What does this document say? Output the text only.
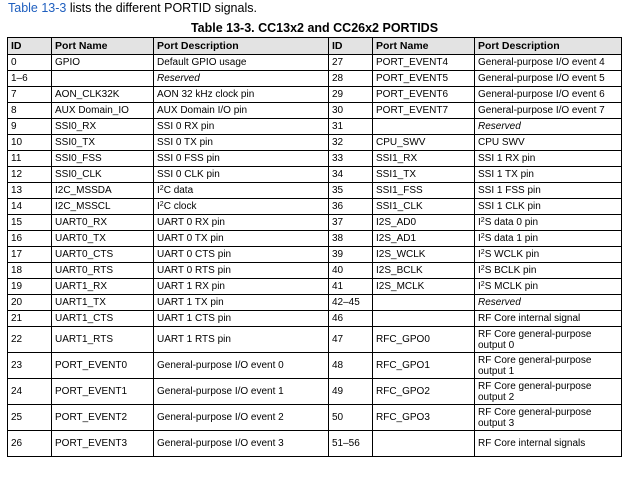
Table 13-3 lists the different PORTID signals.
Table 13-3. CC13x2 and CC26x2 PORTIDS
ID	Port Name	Port Description	ID	Port Name	Port Description
0	GPIO	Default GPIO usage	27	PORT_EVENT4	General-purpose I/O event 4
1–6		Reserved	28	PORT_EVENT5	General-purpose I/O event 5
7	AON_CLK32K	AON 32 kHz clock pin	29	PORT_EVENT6	General-purpose I/O event 6
8	AUX Domain_IO	AUX Domain I/O pin	30	PORT_EVENT7	General-purpose I/O event 7
9	SSI0_RX	SSI 0 RX pin	31		Reserved
10	SSI0_TX	SSI 0 TX pin	32	CPU_SWV	CPU SWV
11	SSI0_FSS	SSI 0 FSS pin	33	SSI1_RX	SSI 1 RX pin
12	SSI0_CLK	SSI 0 CLK pin	34	SSI1_TX	SSI 1 TX pin
13	I2C_MSSDA	$I^2C$ data	35	SSI1_FSS	SSI 1 FSS pin
14	I2C_MSSCL	$I^2C$ clock	36	SSI1_CLK	SSI 1 CLK pin
15	UART0_RX	UART 0 RX pin	37	I2S_AD0	$I^2S$ data 0 pin
16	UART0_TX	UART 0 TX pin	38	I2S_AD1	$I^2S$ data 1 pin
17	UART0_CTS	UART 0 CTS pin	39	I2S_WCLK	$I^2S$ WCLK pin
18	UART0_RTS	UART 0 RTS pin	40	I2S_BCLK	$I^2S$ BCLK pin
19	UART1_RX	UART 1 RX pin	41	I2S_MCLK	$I^2S$ MCLK pin
20	UART1_TX	UART 1 TX pin	42–45		Reserved
21	UART1_CTS	UART 1 CTS pin	46		RF Core internal signal
22	UART1_RTS	UART 1 RTS pin	47	RFC_GPO0	RF Core general-purpose output 0
23	PORT_EVENT0	General-purpose I/O event 0	48	RFC_GPO1	RF Core general-purpose output 1
24	PORT_EVENT1	General-purpose I/O event 1	49	RFC_GPO2	RF Core general-purpose output 2
25	PORT_EVENT2	General-purpose I/O event 2	50	RFC_GPO3	RF Core general-purpose output 3
26	PORT_EVENT3	General-purpose I/O event 3	51–56		RF Core internal signals
